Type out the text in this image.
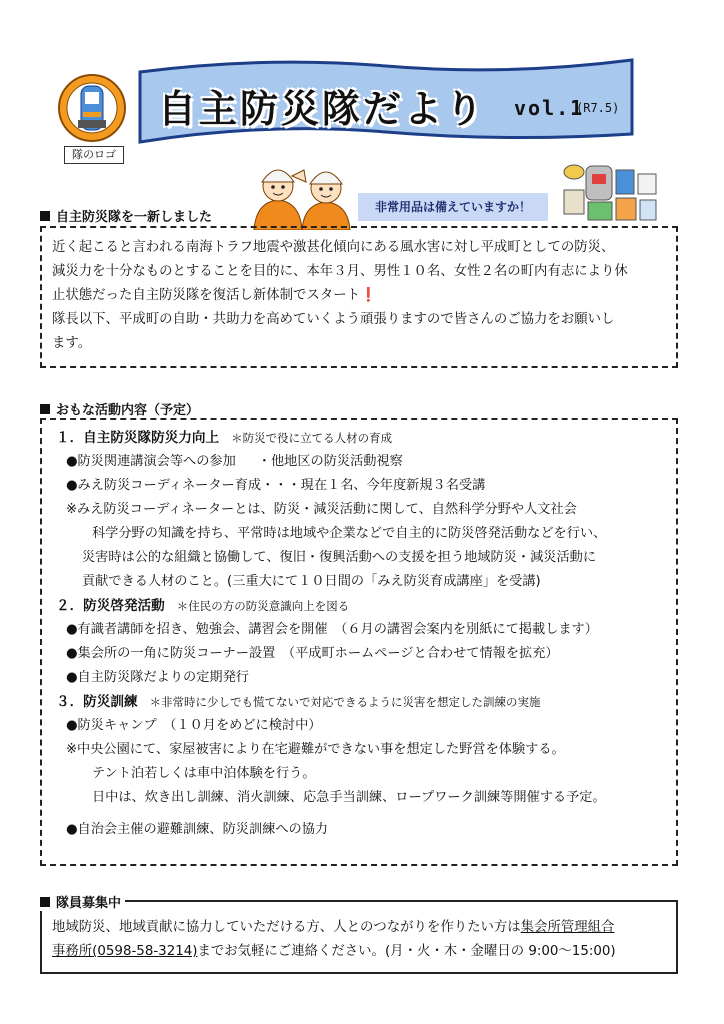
隊のロゴ
自主防災隊だより vol.1
(R7.5)
非常用品は備えていますか！
自主防災隊を一新しました
近く起こると言われる南海トラフ地震や激甚化傾向にある風水害に対し平成町としての防災、
減災力を十分なものとすることを目的に、本年３月、男性１０名、女性２名の町内有志により休
止状態だった自主防災隊を復活し新体制でスタート❗
隊長以下、平成町の自助・共助力を高めていくよう頑張りますので皆さんのご協力をお願いし
ます。
おもな活動内容（予定）
１．自主防災隊防災力向上 ＊防災で役に立てる人材の育成
●防災関連講演会等への参加 ・他地区の防災活動視察
●みえ防災コーディネーター育成・・・現在１名、今年度新規３名受講
※みえ防災コーディネーターとは、防災・減災活動に関して、自然科学分野や人文社会
科学分野の知識を持ち、平常時は地域や企業などで自主的に防災啓発活動などを行い、
災害時は公的な組織と協働して、復旧・復興活動への支援を担う地域防災・減災活動に
貢献できる人材のこと。(三重大にて１０日間の「みえ防災育成講座」を受講)
２．防災啓発活動 ＊住民の方の防災意識向上を図る
●有識者講師を招き、勉強会、講習会を開催　（６月の講習会案内を別紙にて掲載します）
●集会所の一角に防災コーナー設置　（平成町ホームページと合わせて情報を拡充）
●自主防災隊だよりの定期発行
３．防災訓練 ＊非常時に少しでも慌てないで対応できるように災害を想定した訓練の実施
●防災キャンプ　（１０月をめどに検討中）
※中央公園にて、家屋被害により在宅避難ができない事を想定した野営を体験する。
テント泊若しくは車中泊体験を行う。
日中は、炊き出し訓練、消火訓練、応急手当訓練、ロープワーク訓練等開催する予定。
●自治会主催の避難訓練、防災訓練への協力
隊員募集中
地域防災、地域貢献に協力していただける方、人とのつながりを作りたい方は集会所管理組合
事務所(0598-58-3214)までお気軽にご連絡ください。(月・火・木・金曜日の 9:00～15:00)
